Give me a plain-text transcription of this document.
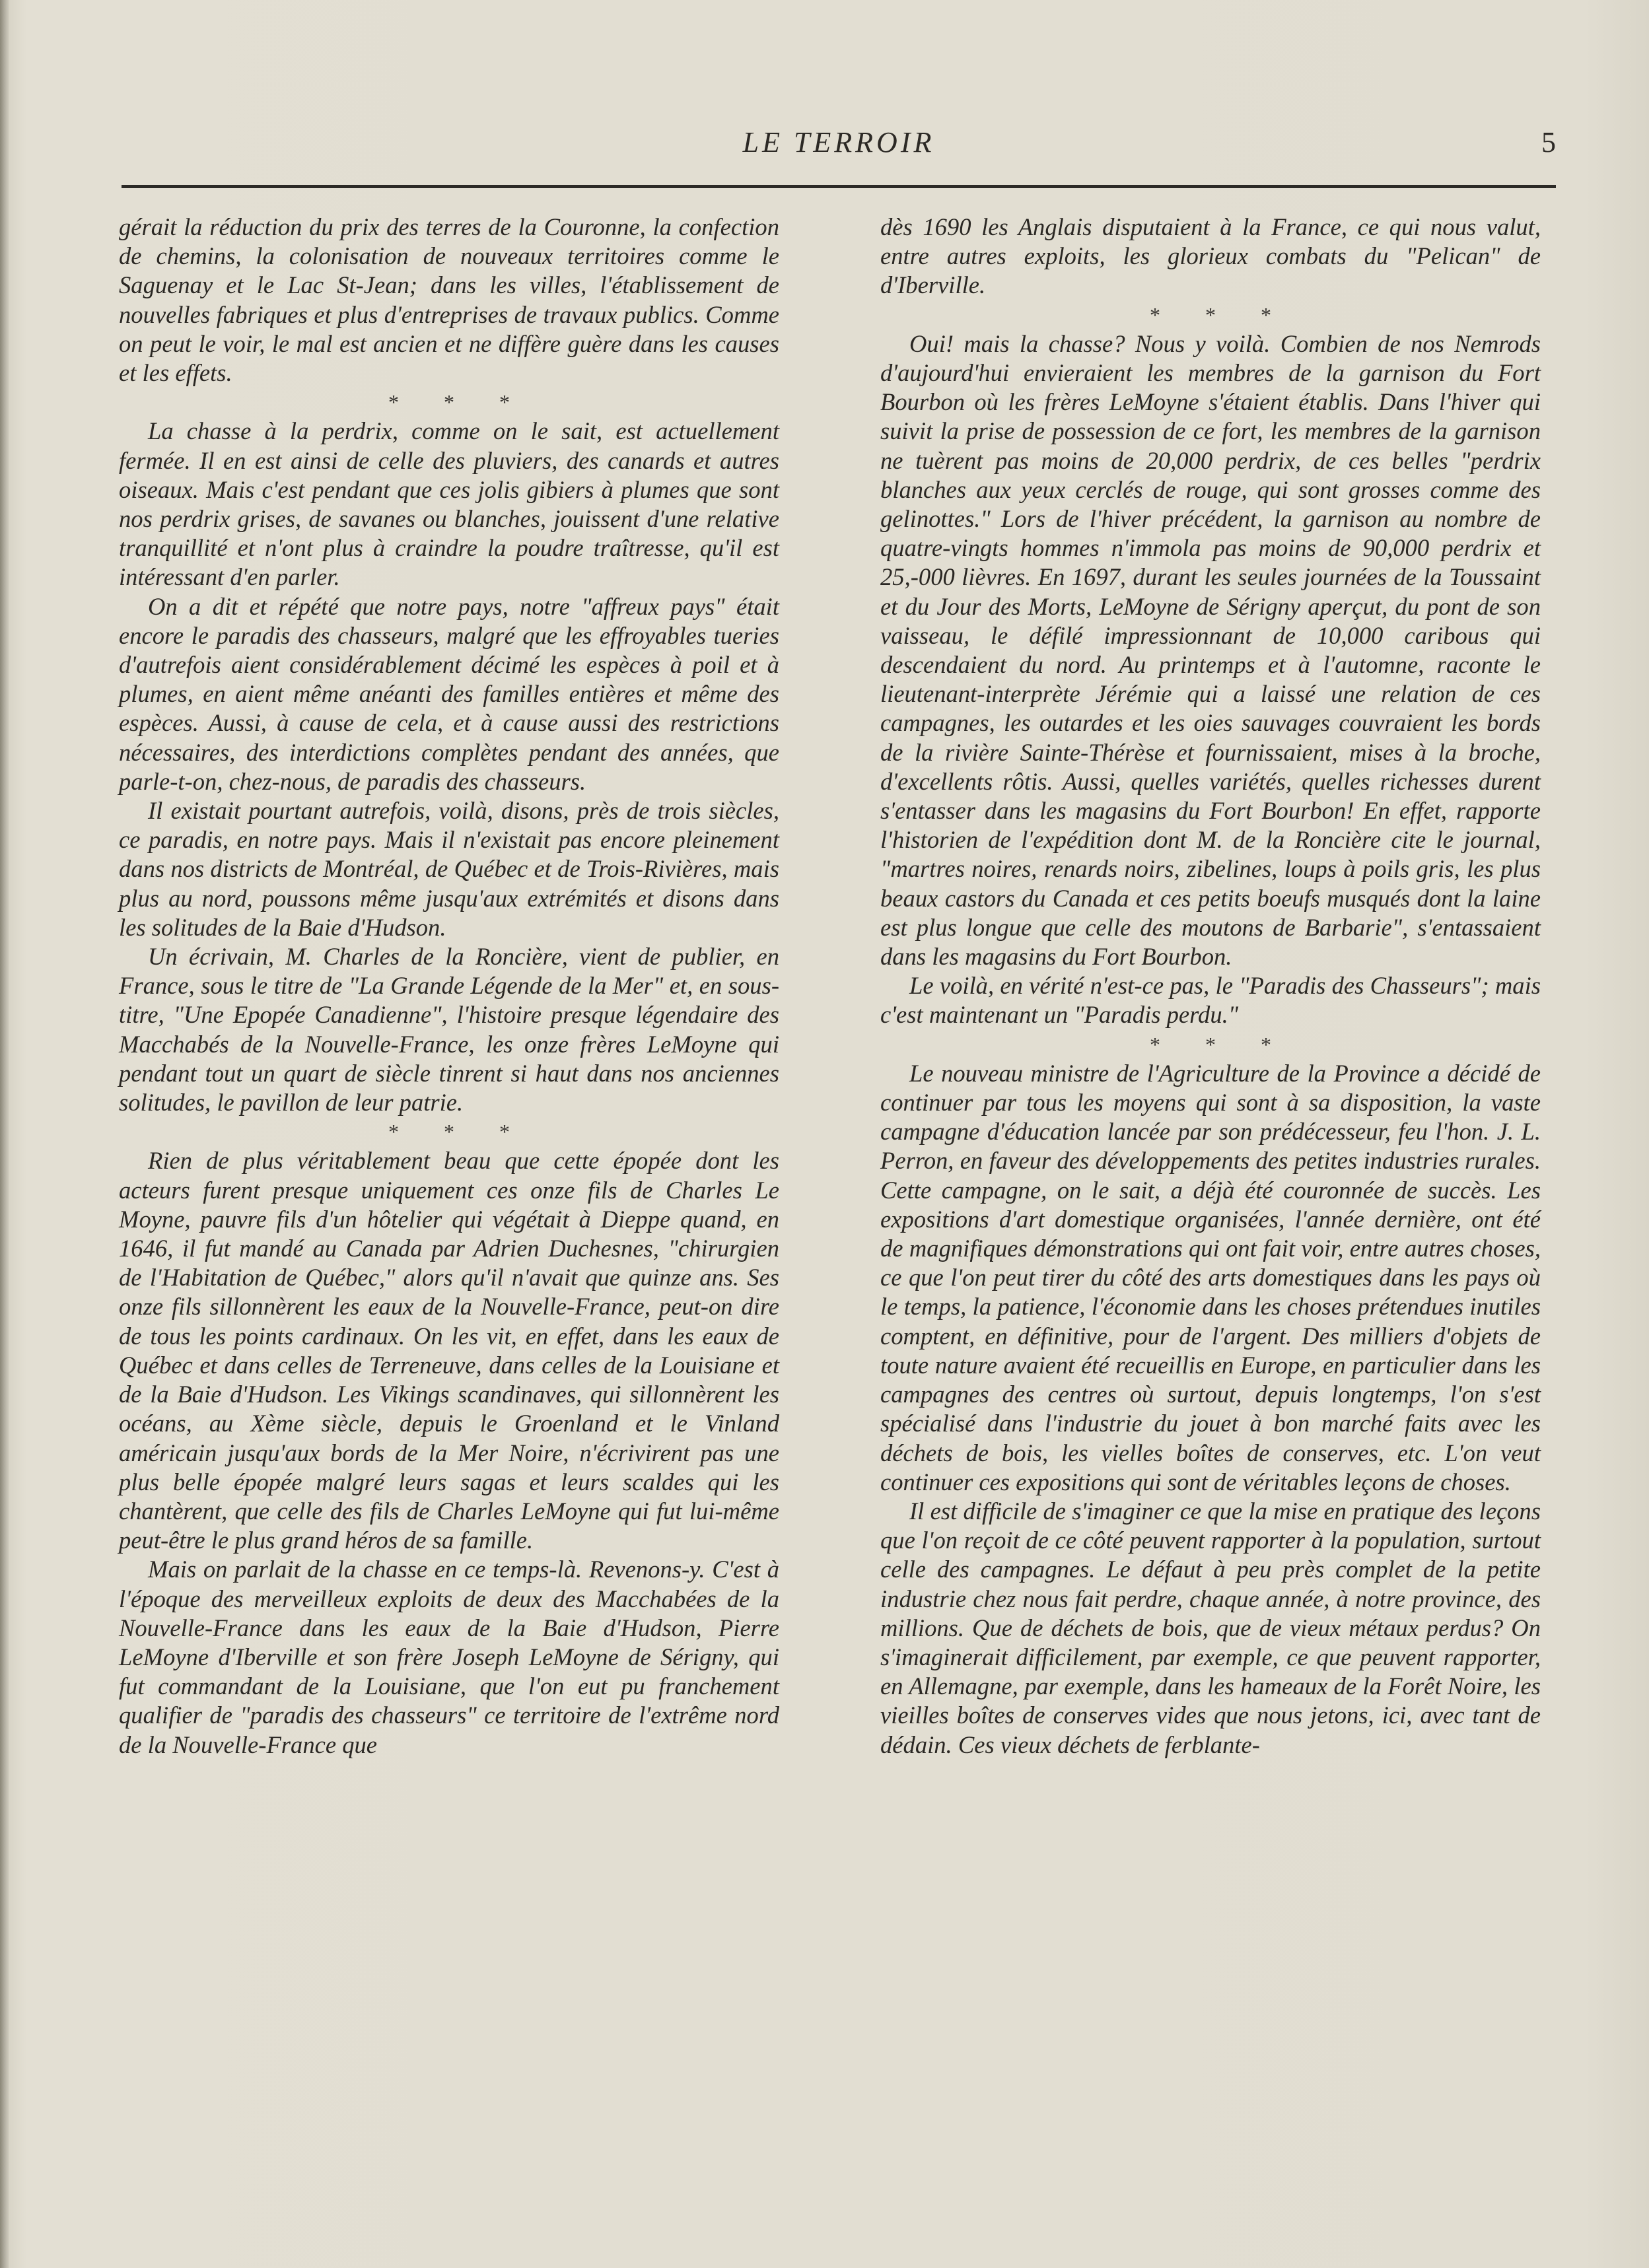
LE TERROIR	5

gérait la réduction du prix des terres de la Couronne, la confection de chemins, la colonisation de nouveaux territoires comme le Saguenay et le Lac St-Jean; dans les villes, l'établissement de nouvelles fabriques et plus d'entreprises de travaux publics. Comme on peut le voir, le mal est ancien et ne diffère guère dans les causes et les effets.

* * *

La chasse à la perdrix, comme on le sait, est actuellement fermée. Il en est ainsi de celle des pluviers, des canards et autres oiseaux. Mais c'est pendant que ces jolis gibiers à plumes que sont nos perdrix grises, de savanes ou blanches, jouissent d'une relative tranquillité et n'ont plus à craindre la poudre traîtresse, qu'il est intéressant d'en parler.

On a dit et répété que notre pays, notre "affreux pays" était encore le paradis des chasseurs, malgré que les effroyables tueries d'autrefois aient considérablement décimé les espèces à poil et à plumes, en aient même anéanti des familles entières et même des espèces. Aussi, à cause de cela, et à cause aussi des restrictions nécessaires, des interdictions complètes pendant des années, que parle-t-on, chez-nous, de paradis des chasseurs.

Il existait pourtant autrefois, voilà, disons, près de trois siècles, ce paradis, en notre pays. Mais il n'existait pas encore pleinement dans nos districts de Montréal, de Québec et de Trois-Rivières, mais plus au nord, poussons même jusqu'aux extrémités et disons dans les solitudes de la Baie d'Hudson.

Un écrivain, M. Charles de la Roncière, vient de publier, en France, sous le titre de "La Grande Légende de la Mer" et, en sous-titre, "Une Epopée Canadienne", l'histoire presque légendaire des Macchabés de la Nouvelle-France, les onze frères LeMoyne qui pendant tout un quart de siècle tinrent si haut dans nos anciennes solitudes, le pavillon de leur patrie.

* * *

Rien de plus véritablement beau que cette épopée dont les acteurs furent presque uniquement ces onze fils de Charles Le Moyne, pauvre fils d'un hôtelier qui végétait à Dieppe quand, en 1646, il fut mandé au Canada par Adrien Duchesnes, "chirurgien de l'Habitation de Québec," alors qu'il n'avait que quinze ans. Ses onze fils sillonnèrent les eaux de la Nouvelle-France, peut-on dire de tous les points cardinaux. On les vit, en effet, dans les eaux de Québec et dans celles de Terreneuve, dans celles de la Louisiane et de la Baie d'Hudson. Les Vikings scandinaves, qui sillonnèrent les océans, au Xème siècle, depuis le Groenland et le Vinland américain jusqu'aux bords de la Mer Noire, n'écrivirent pas une plus belle épopée malgré leurs sagas et leurs scaldes qui les chantèrent, que celle des fils de Charles LeMoyne qui fut lui-même peut-être le plus grand héros de sa famille.

Mais on parlait de la chasse en ce temps-là. Revenons-y. C'est à l'époque des merveilleux exploits de deux des Macchabées de la Nouvelle-France dans les eaux de la Baie d'Hudson, Pierre LeMoyne d'Iberville et son frère Joseph LeMoyne de Sérigny, qui fut commandant de la Louisiane, que l'on eut pu franchement qualifier de "paradis des chasseurs" ce territoire de l'extrême nord de la Nouvelle-France que

dès 1690 les Anglais disputaient à la France, ce qui nous valut, entre autres exploits, les glorieux combats du "Pelican" de d'Iberville.

* * *

Oui! mais la chasse? Nous y voilà. Combien de nos Nemrods d'aujourd'hui envieraient les membres de la garnison du Fort Bourbon où les frères LeMoyne s'étaient établis. Dans l'hiver qui suivit la prise de possession de ce fort, les membres de la garnison ne tuèrent pas moins de 20,000 perdrix, de ces belles "perdrix blanches aux yeux cerclés de rouge, qui sont grosses comme des gelinottes." Lors de l'hiver précédent, la garnison au nombre de quatre-vingts hommes n'immola pas moins de 90,000 perdrix et 25,-000 lièvres. En 1697, durant les seules journées de la Toussaint et du Jour des Morts, LeMoyne de Sérigny aperçut, du pont de son vaisseau, le défilé impressionnant de 10,000 caribous qui descendaient du nord. Au printemps et à l'automne, raconte le lieutenant-interprète Jérémie qui a laissé une relation de ces campagnes, les outardes et les oies sauvages couvraient les bords de la rivière Sainte-Thérèse et fournissaient, mises à la broche, d'excellents rôtis. Aussi, quelles variétés, quelles richesses durent s'entasser dans les magasins du Fort Bourbon! En effet, rapporte l'historien de l'expédition dont M. de la Roncière cite le journal, "martres noires, renards noirs, zibelines, loups à poils gris, les plus beaux castors du Canada et ces petits boeufs musqués dont la laine est plus longue que celle des moutons de Barbarie", s'entassaient dans les magasins du Fort Bourbon.

Le voilà, en vérité n'est-ce pas, le "Paradis des Chasseurs"; mais c'est maintenant un "Paradis perdu."

* * *

Le nouveau ministre de l'Agriculture de la Province a décidé de continuer par tous les moyens qui sont à sa disposition, la vaste campagne d'éducation lancée par son prédécesseur, feu l'hon. J. L. Perron, en faveur des développements des petites industries rurales. Cette campagne, on le sait, a déjà été couronnée de succès. Les expositions d'art domestique organisées, l'année dernière, ont été de magnifiques démonstrations qui ont fait voir, entre autres choses, ce que l'on peut tirer du côté des arts domestiques dans les pays où le temps, la patience, l'économie dans les choses prétendues inutiles comptent, en définitive, pour de l'argent. Des milliers d'objets de toute nature avaient été recueillis en Europe, en particulier dans les campagnes des centres où surtout, depuis longtemps, l'on s'est spécialisé dans l'industrie du jouet à bon marché faits avec les déchets de bois, les vielles boîtes de conserves, etc. L'on veut continuer ces expositions qui sont de véritables leçons de choses.

Il est difficile de s'imaginer ce que la mise en pratique des leçons que l'on reçoit de ce côté peuvent rapporter à la population, surtout celle des campagnes. Le défaut à peu près complet de la petite industrie chez nous fait perdre, chaque année, à notre province, des millions. Que de déchets de bois, que de vieux métaux perdus? On s'imaginerait difficilement, par exemple, ce que peuvent rapporter, en Allemagne, par exemple, dans les hameaux de la Forêt Noire, les vieilles boîtes de conserves vides que nous jetons, ici, avec tant de dédain. Ces vieux déchets de ferblante-
